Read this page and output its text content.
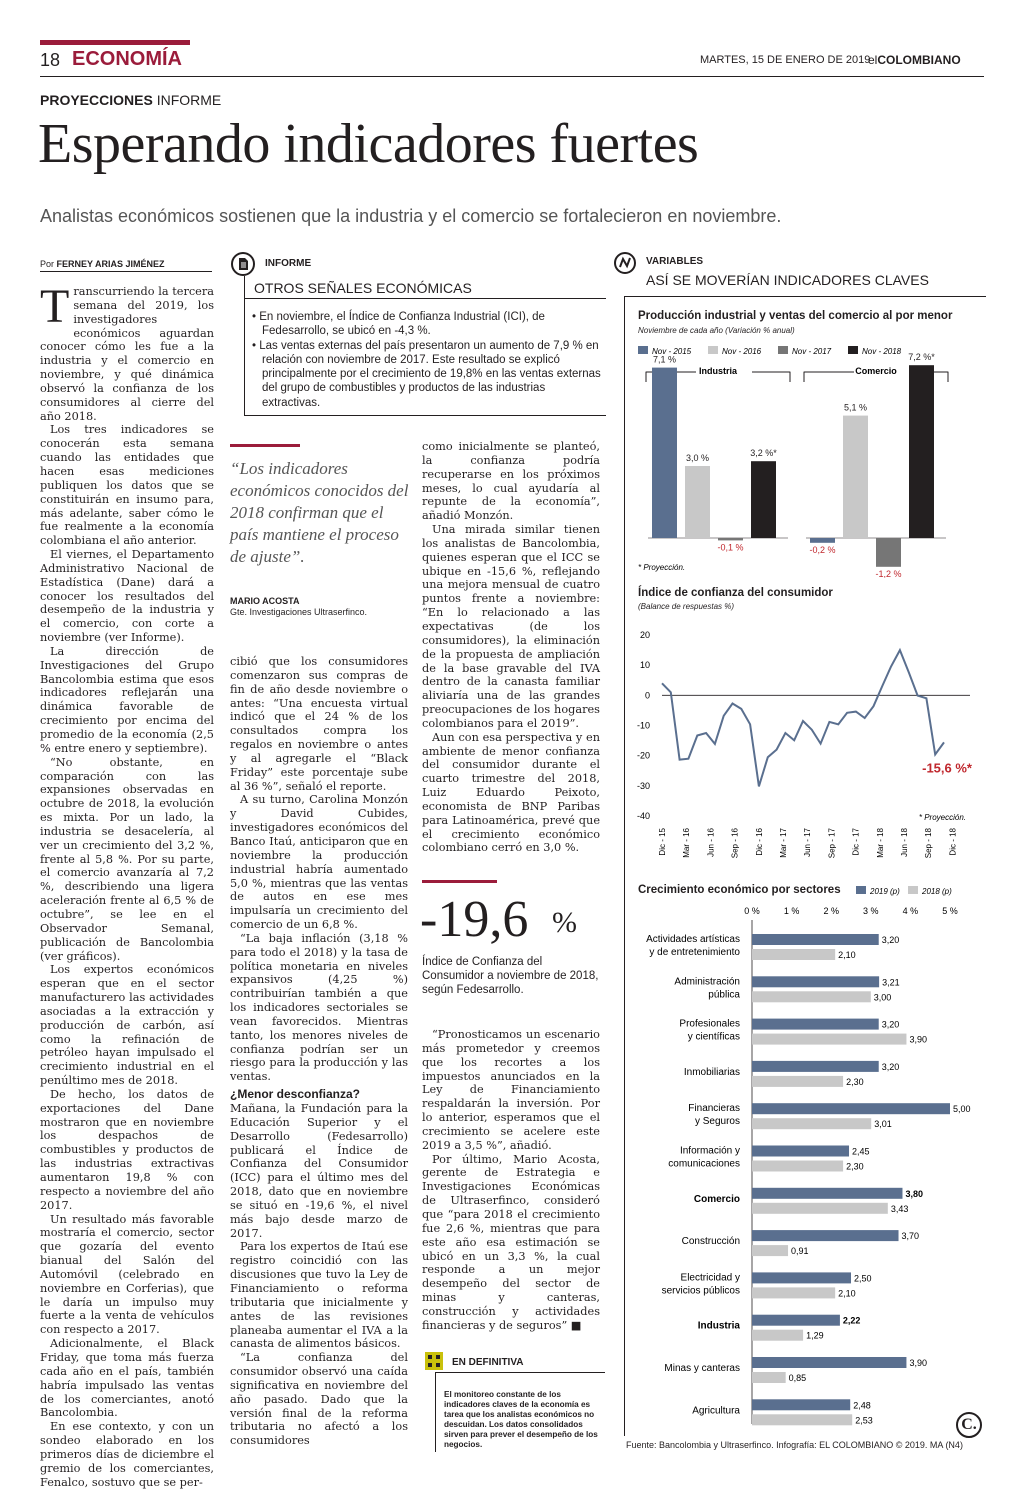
18 ECONOMÍA	MARTES, 15 DE ENERO DE 2019
elCOLOMBIANO
PROYECCIONES INFORME
Esperando indicadores fuertes
Analistas económicos sostienen que la industria y el comercio se fortalecieron en noviembre.
Por FERNEY ARIAS JIMÉNEZ

Transcurriendo la tercera semana del 2019, los investigadores económicos aguardan conocer cómo les fue a la industria y el comercio en noviembre, y qué dinámica observó la confianza de los consumidores al cierre del año 2018.

Los tres indicadores se conocerán esta semana cuando las entidades que hacen esas mediciones publiquen los datos que se constituirán en insumo para, más adelante, saber cómo le fue realmente a la economía colombiana el año anterior.

El viernes, el Departamento Administrativo Nacional de Estadística (Dane) dará a conocer los resultados del desempeño de la industria y el comercio, con corte a noviembre (ver Informe).

La dirección de Investigaciones del Grupo Bancolombia estima que esos indicadores reflejarán una dinámica favorable de crecimiento por encima del promedio de la economía (2,5 % entre enero y septiembre).

“No obstante, en comparación con las expansiones observadas en octubre de 2018, la evolución es mixta. Por un lado, la industria se desacelería, al ver un crecimiento del 3,2 %, frente al 5,8 %. Por su parte, el comercio avanzaría al 7,2 %, describiendo una ligera aceleración frente al 6,5 % de octubre”, se lee en el Observador Semanal, publicación de Bancolombia (ver gráficos).

Los expertos económicos esperan que en el sector manufacturero las actividades asociadas a la extracción y producción de carbón, así como la refinación de petróleo hayan impulsado el crecimiento industrial en el penúltimo mes de 2018.

De hecho, los datos de exportaciones del Dane mostraron que en noviembre los despachos de combustibles y productos de las industrias extractivas aumentaron 19,8 % con respecto a noviembre del año 2017.

Un resultado más favorable mostraría el comercio, sector que gozaría del evento bianual del Salón del Automóvil (celebrado en noviembre en Corferias), que le daría un impulso muy fuerte a la venta de vehículos con respecto a 2017.

Adicionalmente, el Black Friday, que toma más fuerza cada año en el país, también habría impulsado las ventas de los comerciantes, anotó Bancolombia.

En ese contexto, y con un sondeo elaborado en los primeros días de diciembre el gremio de los comerciantes, Fenalco, sostuvo que se per-

INFORME
OTROS SEÑALES ECONÓMICAS
• En noviembre, el Índice de Confianza Industrial (ICI), de Fedesarrollo, se ubicó en -4,3 %.
• Las ventas externas del país presentaron un aumento de 7,9 % en relación con noviembre de 2017. Este resultado se explicó principalmente por el crecimiento de 19,8% en las ventas externas del grupo de combustibles y productos de las industrias extractivas.
“Los indicadores económicos conocidos del 2018 confirman que el país mantiene el proceso de ajuste”.
MARIO ACOSTA
Gte. Investigaciones Ultraserfinco.

cibió que los consumidores comenzaron sus compras de fin de año desde noviembre o antes: “Una encuesta virtual indicó que el 24 % de los consultados compra los regalos en noviembre o antes y al agregarle el “Black Friday” este porcentaje sube al 36 %”, señaló el reporte.

A su turno, Carolina Monzón y David Cubides, investigadores económicos del Banco Itaú, anticiparon que en noviembre la producción industrial habría aumentado 5,0 %, mientras que las ventas de autos en ese mes impulsaría un crecimiento del comercio de un 6,8 %.

“La baja inflación (3,18 % para todo el 2018) y la tasa de política monetaria en niveles expansivos (4,25 %) contribuirían también a que los indicadores sectoriales se vean favorecidos. Mientras tanto, los menores niveles de confianza podrían ser un riesgo para la producción y las ventas.

¿Menor desconfianza?

Mañana, la Fundación para la Educación Superior y el Desarrollo (Fedesarrollo) publicará el Índice de Confianza del Consumidor (ICC) para el último mes del 2018, dato que en noviembre se situó en -19,6 %, el nivel más bajo desde marzo de 2017.

Para los expertos de Itaú ese registro coincidió con las discusiones que tuvo la Ley de Financiamiento o reforma tributaria que inicialmente y antes de las revisiones planeaba aumentar el IVA a la canasta de alimentos básicos.

“La confianza del consumidor observó una caída significativa en noviembre del año pasado. Dado que la versión final de la reforma tributaria no afectó a los consumidores

como inicialmente se planteó, la confianza podría recuperarse en los próximos meses, lo cual ayudaría al repunte de la economía”, añadió Monzón.

Una mirada similar tienen los analistas de Bancolombia, quienes esperan que el ICC se ubique en -15,6 %, reflejando una mejora mensual de cuatro puntos frente a noviembre: “En lo relacionado a las expectativas (de los consumidores), la eliminación de la propuesta de ampliación de la base gravable del IVA dentro de la canasta familiar aliviaría una de las grandes preocupaciones de los hogares colombianos para el 2019”.

Aun con esa perspectiva y en ambiente de menor confianza del consumidor durante el cuarto trimestre del 2018, Luiz Eduardo Peixoto, economista de BNP Paribas para Latinoamérica, prevé que el crecimiento económico colombiano cerró en 3,0 %.

-19,6 %
Índice de Confianza del Consumidor a noviembre de 2018, según Fedesarrollo.

“Pronosticamos un escenario más prometedor y creemos que los recortes a los impuestos anunciados en la Ley de Financiamiento respaldarán la inversión. Por lo anterior, esperamos que el crecimiento se acelere este 2019 a 3,5 %”, añadió.

Por último, Mario Acosta, gerente de Estrategia e Investigaciones Económicas de Ultraserfinco, consideró que “para 2018 el crecimiento fue 2,6 %, mientras que para este año esa estimación se ubicó en un 3,3 %, la cual responde a un mejor desempeño del sector de minas y canteras, construcción y actividades financieras y de seguros” ■

EN DEFINITIVA
El monitoreo constante de los indicadores claves de la economía es tarea que los analistas económicos no descuidan. Los datos consolidados sirven para prever el desempeño de los negocios.
VARIABLES
ASÍ SE MOVERÍAN INDICADORES CLAVES
Producción industrial y ventas del comercio al por menor
Noviembre de cada año (Variación % anual)
Nov - 2015	Nov - 2016	Nov - 2017	Nov - 2018
Industria
7,1 %
3,0 %
-0,1 %
3,2 %*
Comercio
-0,2 %
5,1 %
-1,2 %
7,2 %*
* Proyección.
Índice de confianza del consumidor
(Balance de respuestas %)
20
10
0
-10
-20
-30
-40
Dic - 15 Mar - 16 Jun - 16 Sep - 16 Dic - 16 Mar - 17 Jun - 17 Sep - 17 Dic - 17 Mar - 18 Jun - 18 Sep - 18 Dic - 18
-15,6 %*
* Proyección.
Crecimiento económico por sectores	2019 (p)	2018 (p)
0 %	1 %	2 %	3 %	4 %	5 %
Actividades artísticas
y de entretenimiento
3,20
2,10
Administración
pública
3,21
3,00
Profesionales
y científicas
3,20
3,90
Inmobiliarias	3,20
2,30
Financieras
y Seguros
5,00
3,01
Información y
comunicaciones
2,45
2,30
Comercio	3,80
3,43
Construcción	3,70
0,91
Electricidad y
servicios públicos
2,50
2,10
Industria	2,22
1,29
Minas y canteras	3,90
0,85
Agricultura	2,48
2,53
Fuente: Bancolombia y Ultraserfinco. Infografía: EL COLOMBIANO © 2019. MA (N4)
C.
